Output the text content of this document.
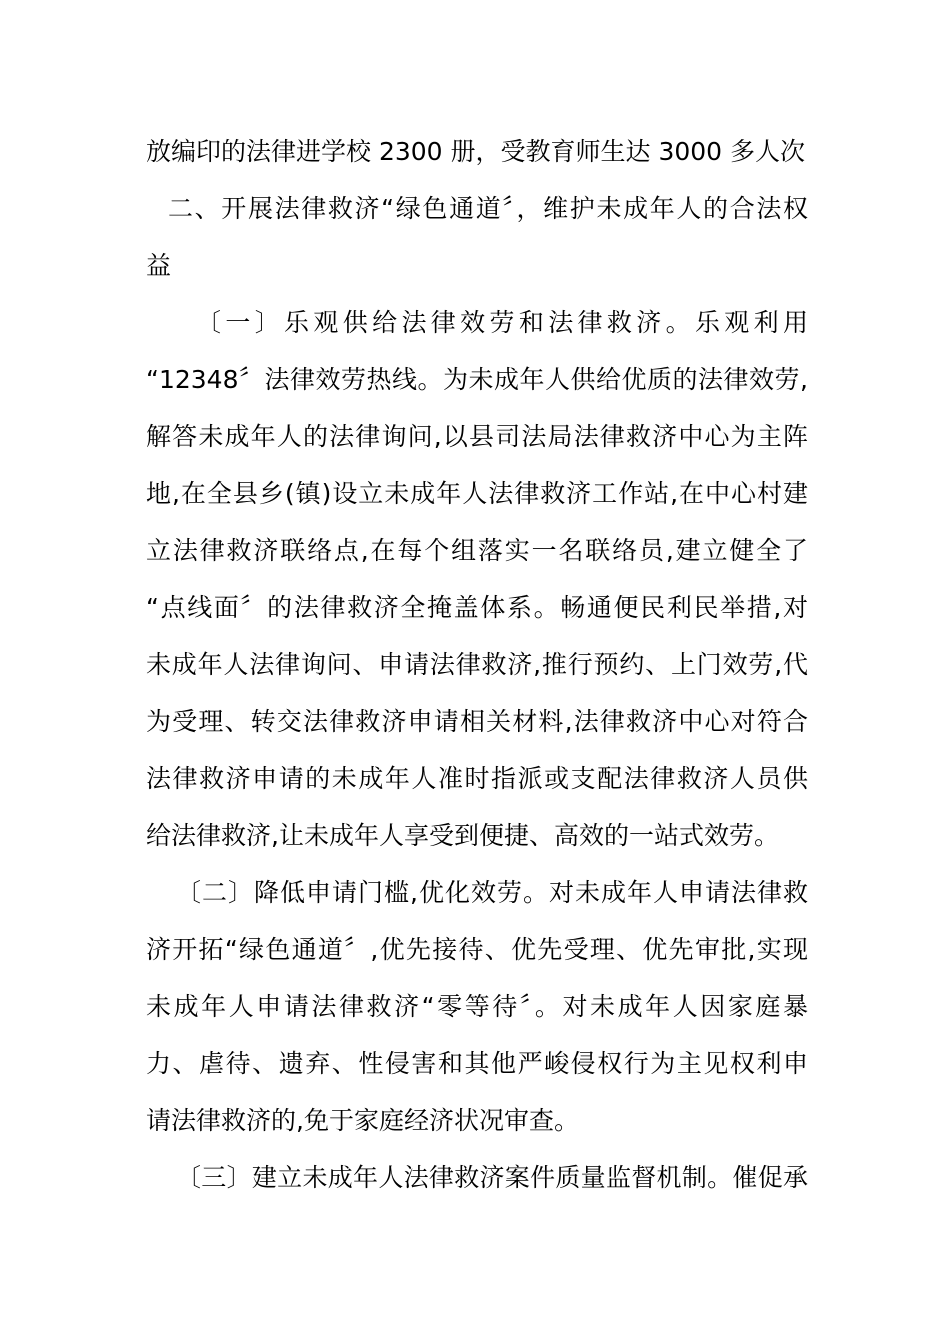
放编印的法律进学校 2300 册，受教育师生达 3000 多人次
二、开展法律救济“绿色通道〞，维护未成年人的合法权
益
〔一〕乐观供给法律效劳和法律救济。乐观利用
“12348〞法律效劳热线。为未成年人供给优质的法律效劳,
解答未成年人的法律询问,以县司法局法律救济中心为主阵
地,在全县乡(镇)设立未成年人法律救济工作站,在中心村建
立法律救济联络点,在每个组落实一名联络员,建立健全了
“点线面〞的法律救济全掩盖体系。畅通便民利民举措,对
未成年人法律询问、申请法律救济,推行预约、上门效劳,代
为受理、转交法律救济申请相关材料,法律救济中心对符合
法律救济申请的未成年人准时指派或支配法律救济人员供
给法律救济,让未成年人享受到便捷、高效的一站式效劳。
〔二〕降低申请门槛,优化效劳。对未成年人申请法律救
济开拓“绿色通道〞,优先接待、优先受理、优先审批,实现
未成年人申请法律救济“零等待〞。对未成年人因家庭暴
力、虐待、遗弃、性侵害和其他严峻侵权行为主见权利申
请法律救济的,免于家庭经济状况审查。
〔三〕建立未成年人法律救济案件质量监督机制。催促承
